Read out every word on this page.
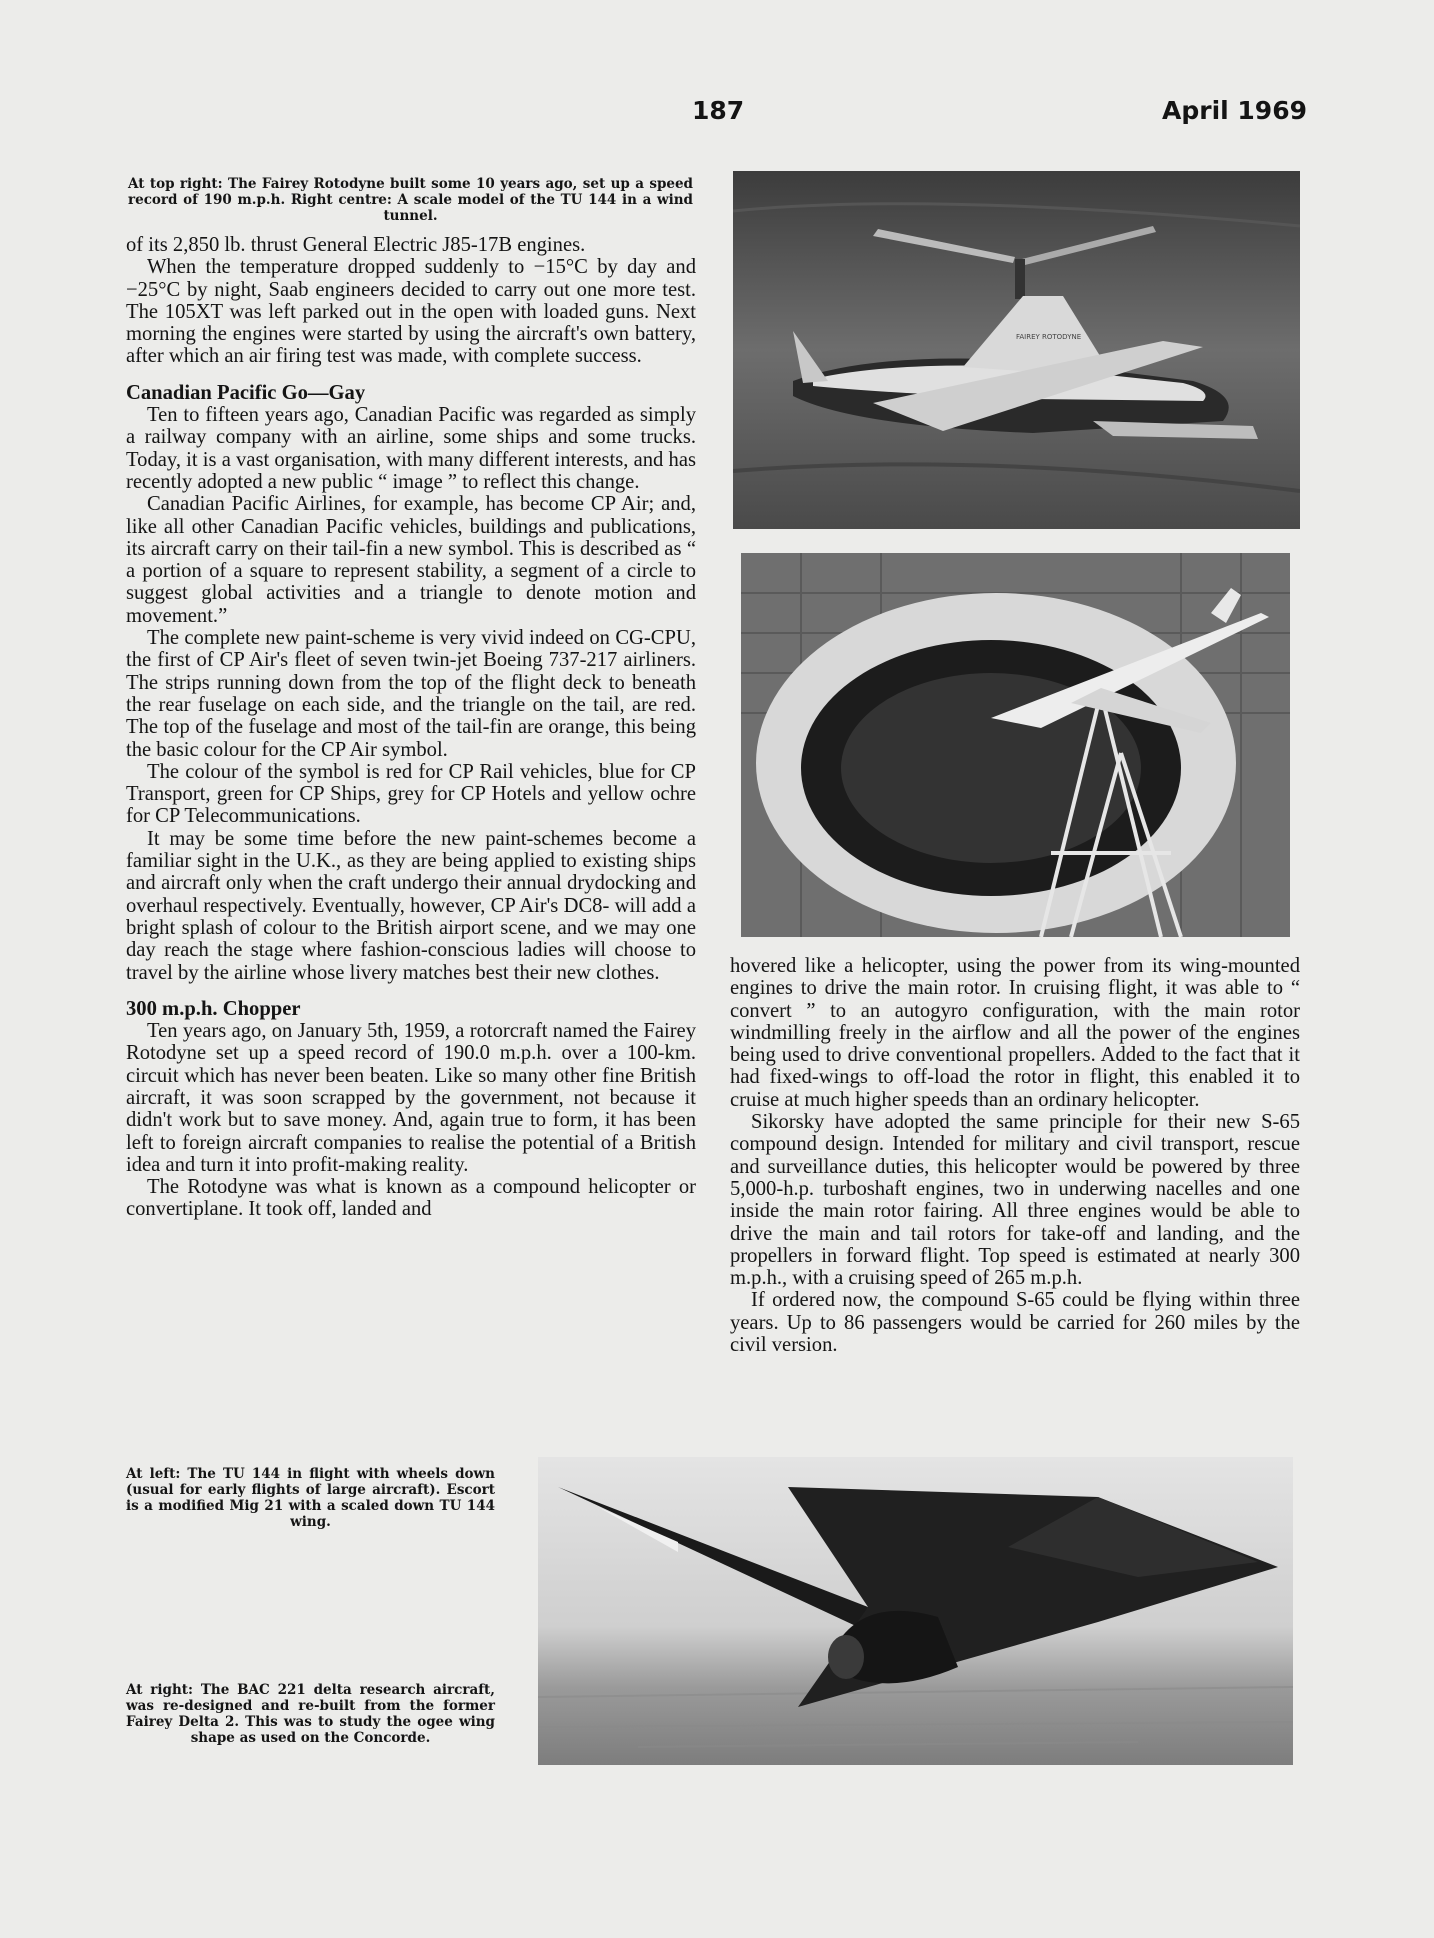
187	April 1969

At top right: The Fairey Rotodyne built some 10 years ago, set up a speed record of 190 m.p.h. Right centre: A scale model of the TU 144 in a wind tunnel.

of its 2,850 lb. thrust General Electric J85-17B engines.

When the temperature dropped suddenly to −15°C by day and −25°C by night, Saab engineers decided to carry out one more test. The 105XT was left parked out in the open with loaded guns. Next morning the engines were started by using the aircraft's own battery, after which an air firing test was made, with complete success.

Canadian Pacific Go—Gay

Ten to fifteen years ago, Canadian Pacific was regarded as simply a railway company with an airline, some ships and some trucks. Today, it is a vast organisation, with many different interests, and has recently adopted a new public “ image ” to reflect this change.

Canadian Pacific Airlines, for example, has become CP Air; and, like all other Canadian Pacific vehicles, buildings and publications, its aircraft carry on their tail-fin a new symbol. This is described as “ a portion of a square to represent stability, a segment of a circle to suggest global activities and a triangle to denote motion and movement.”

The complete new paint-scheme is very vivid indeed on CG-CPU, the first of CP Air's fleet of seven twin-jet Boeing 737-217 airliners. The strips running down from the top of the flight deck to beneath the rear fuselage on each side, and the triangle on the tail, are red. The top of the fuselage and most of the tail-fin are orange, this being the basic colour for the CP Air symbol.

The colour of the symbol is red for CP Rail vehicles, blue for CP Transport, green for CP Ships, grey for CP Hotels and yellow ochre for CP Telecommunications.

It may be some time before the new paint-schemes become a familiar sight in the U.K., as they are being applied to existing ships and aircraft only when the craft undergo their annual drydocking and overhaul respectively. Eventually, however, CP Air's DC8- will add a bright splash of colour to the British airport scene, and we may one day reach the stage where fashion-conscious ladies will choose to travel by the airline whose livery matches best their new clothes.

300 m.p.h. Chopper

Ten years ago, on January 5th, 1959, a rotorcraft named the Fairey Rotodyne set up a speed record of 190.0 m.p.h. over a 100-km. circuit which has never been beaten. Like so many other fine British aircraft, it was soon scrapped by the government, not because it didn't work but to save money. And, again true to form, it has been left to foreign aircraft companies to realise the potential of a British idea and turn it into profit-making reality.

The Rotodyne was what is known as a compound helicopter or convertiplane. It took off, landed and

hovered like a helicopter, using the power from its wing-mounted engines to drive the main rotor. In cruising flight, it was able to “ convert ” to an autogyro configuration, with the main rotor windmilling freely in the airflow and all the power of the engines being used to drive conventional propellers. Added to the fact that it had fixed-wings to off-load the rotor in flight, this enabled it to cruise at much higher speeds than an ordinary helicopter.

Sikorsky have adopted the same principle for their new S-65 compound design. Intended for military and civil transport, rescue and surveillance duties, this helicopter would be powered by three 5,000-h.p. turboshaft engines, two in underwing nacelles and one inside the main rotor fairing. All three engines would be able to drive the main and tail rotors for take-off and landing, and the propellers in forward flight. Top speed is estimated at nearly 300 m.p.h., with a cruising speed of 265 m.p.h.

If ordered now, the compound S-65 could be flying within three years. Up to 86 passengers would be carried for 260 miles by the civil version.

FAIREY ROTODYNE

At left: The TU 144 in flight with wheels down (usual for early flights of large aircraft). Escort is a modified Mig 21 with a scaled down TU 144 wing.

At right: The BAC 221 delta research aircraft, was re-designed and re-built from the former Fairey Delta 2. This was to study the ogee wing shape as used on the Concorde.
